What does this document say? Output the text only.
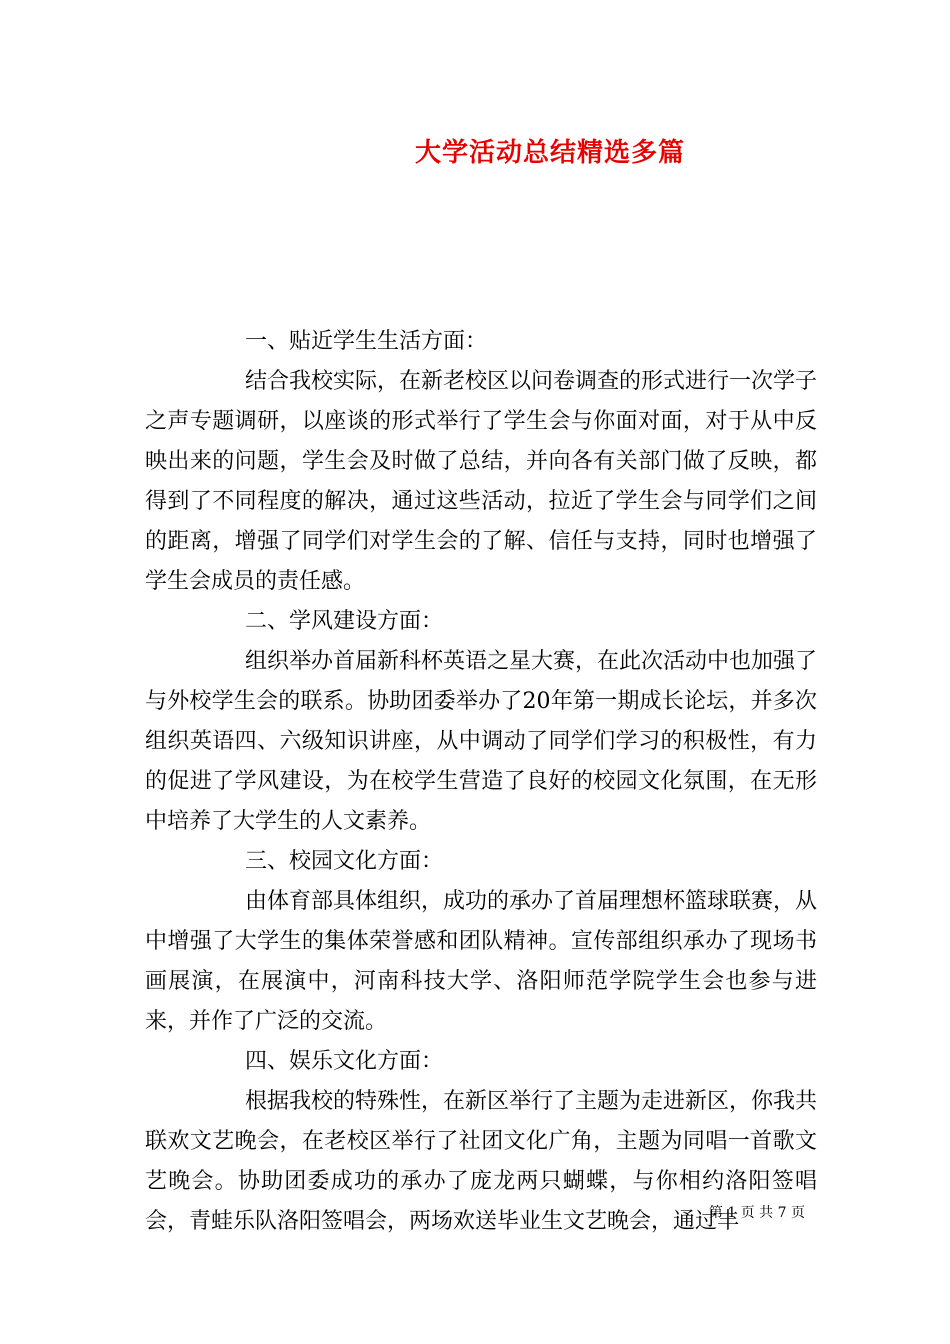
大学活动总结精选多篇

一、贴近学生生活方面：

结合我校实际，在新老校区以问卷调查的形式进行一次学子之声专题调研，以座谈的形式举行了学生会与你面对面，对于从中反映出来的问题，学生会及时做了总结，并向各有关部门做了反映，都得到了不同程度的解决，通过这些活动，拉近了学生会与同学们之间的距离，增强了同学们对学生会的了解、信任与支持，同时也增强了学生会成员的责任感。

二、学风建设方面：

组织举办首届新科杯英语之星大赛，在此次活动中也加强了与外校学生会的联系。协助团委举办了20年第一期成长论坛，并多次组织英语四、六级知识讲座，从中调动了同学们学习的积极性，有力的促进了学风建设，为在校学生营造了良好的校园文化氛围，在无形中培养了大学生的人文素养。

三、校园文化方面：

由体育部具体组织，成功的承办了首届理想杯篮球联赛，从中增强了大学生的集体荣誉感和团队精神。宣传部组织承办了现场书画展演，在展演中，河南科技大学、洛阳师范学院学生会也参与进来，并作了广泛的交流。

四、娱乐文化方面：

根据我校的特殊性，在新区举行了主题为走进新区，你我共联欢文艺晚会，在老校区举行了社团文化广角，主题为同唱一首歌文艺晚会。协助团委成功的承办了庞龙两只蝴蝶，与你相约洛阳签唱会，青蛙乐队洛阳签唱会，两场欢送毕业生文艺晚会，通过丰

第 1 页 共 7 页
